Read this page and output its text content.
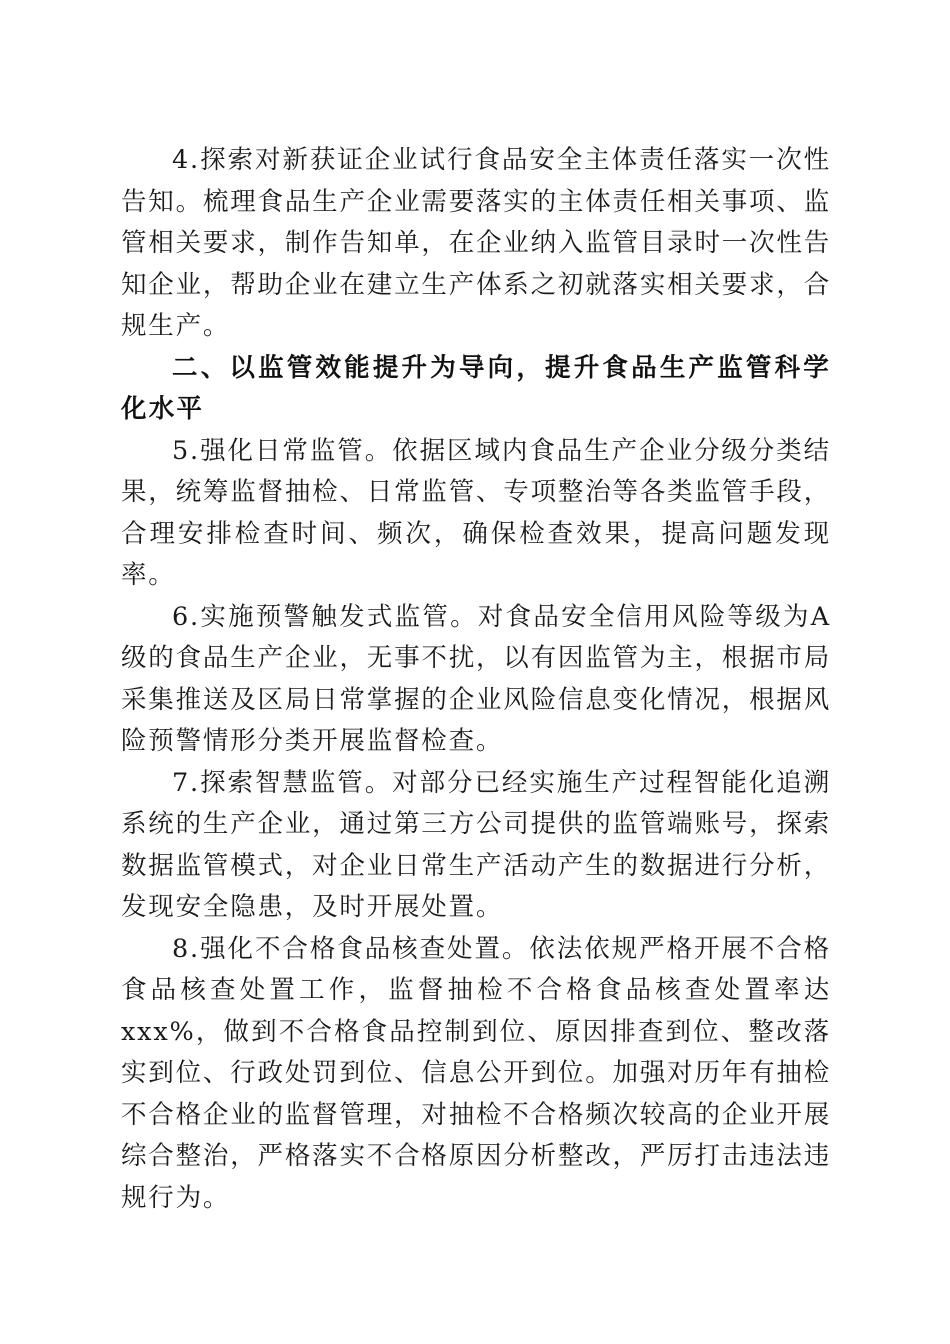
4.探索对新获证企业试行食品安全主体责任落实一次性告知。梳理食品生产企业需要落实的主体责任相关事项、监管相关要求，制作告知单，在企业纳入监管目录时一次性告知企业，帮助企业在建立生产体系之初就落实相关要求，合规生产。

二、以监管效能提升为导向，提升食品生产监管科学化水平

5.强化日常监管。依据区域内食品生产企业分级分类结果，统筹监督抽检、日常监管、专项整治等各类监管手段，合理安排检查时间、频次，确保检查效果，提高问题发现率。

6.实施预警触发式监管。对食品安全信用风险等级为A级的食品生产企业，无事不扰，以有因监管为主，根据市局采集推送及区局日常掌握的企业风险信息变化情况，根据风险预警情形分类开展监督检查。

7.探索智慧监管。对部分已经实施生产过程智能化追溯系统的生产企业，通过第三方公司提供的监管端账号，探索数据监管模式，对企业日常生产活动产生的数据进行分析，发现安全隐患，及时开展处置。

8.强化不合格食品核查处置。依法依规严格开展不合格食品核查处置工作，监督抽检不合格食品核查处置率达xxx%，做到不合格食品控制到位、原因排查到位、整改落实到位、行政处罚到位、信息公开到位。加强对历年有抽检不合格企业的监督管理，对抽检不合格频次较高的企业开展综合整治，严格落实不合格原因分析整改，严厉打击违法违规行为。
